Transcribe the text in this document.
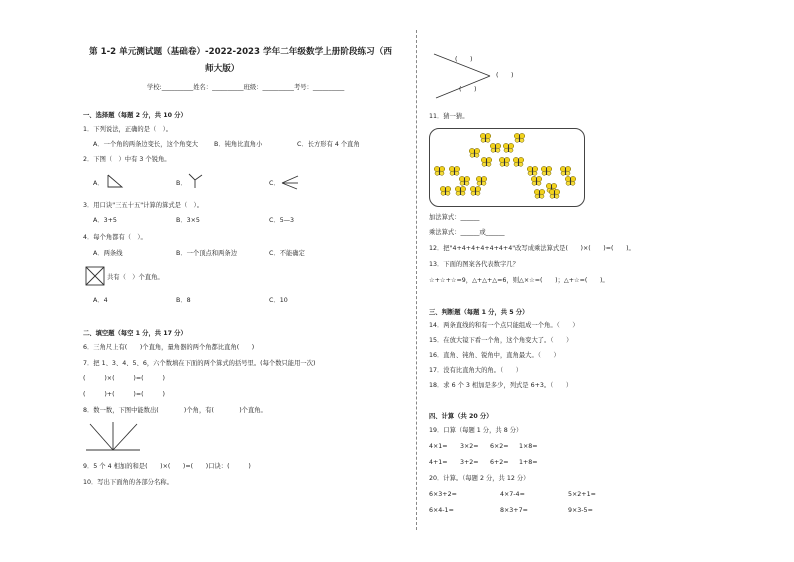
第 1-2 单元测试题（基础卷）-2022-2023 学年二年级数学上册阶段练习（西
师大版）
学校:__________姓名：__________班级：__________考号：__________
一、选择题（每题 2 分，共 10 分）
1．下列说法，正确的是（　）。
A．一个角的两条边变长，这个角变大	B．钝角比直角小	C．长方形有 4 个直角
2．下图（　）中有 3 个锐角。
A．	B．	C．
3．用口诀"三五十五"计算的算式是（　）。
A．3+5	B．3×5	C．5—3
4．每个角都有（　）。
A．两条线	B．一个顶点和两条边	C．不能确定
共有（　）个直角。
A．4	B．8	C．10
二、填空题（每空 1 分，共 17 分）
6．三角尺上有(　　)个直角，量角器的两个角都比直角(　　)
7．把 1、3、4、5、6，六个数填在下面的两个算式的括号里。(每个数只能用一次)
(　　　)×(　　　)=(　　　)
(　　　)+(　　　)=(　　　)
8．数一数，下图中能数出(　　　　)个角，有(　　　　)个直角。
9．5 个 4 相加的和是(　　)×(　　)=(　　)口诀：(　　　)
10．写出下面角的各部分名称。
(　　)
(　　)
(　　)
11．猜一猜。
加法算式：______
乘法算式：______或______
12．把"4+4+4+4+4+4+4"改写成乘法算式是(　　)×(　　)=(　　)。
13．下面的图案各代表数字几？
☆+☆+☆=9，△+△+△=6，则△×☆=(　　)；△+☆=(　　)。
三、判断题（每题 1 分，共 5 分）
14．两条直线的和有一个点只能组成一个角。（　　）
15．在放大镜下看一个角，这个角变大了。（　　）
16．直角、钝角、锐角中，直角最大。（　　）
17．没有比直角大的角。（　　）
18．求 6 个 3 相加是多少，列式是 6+3。（　　）
四、计算（共 20 分）
19．口算（每题 1 分，共 8 分）
4×1= 3×2= 6×2= 1×8=
4+1= 3+2= 6+2= 1+8=
20．计算。（每题 2 分，共 12 分）
6×3+2=	4×7-4=	5×2+1=
6×4-1=	8×3+7=	9×3-5=
